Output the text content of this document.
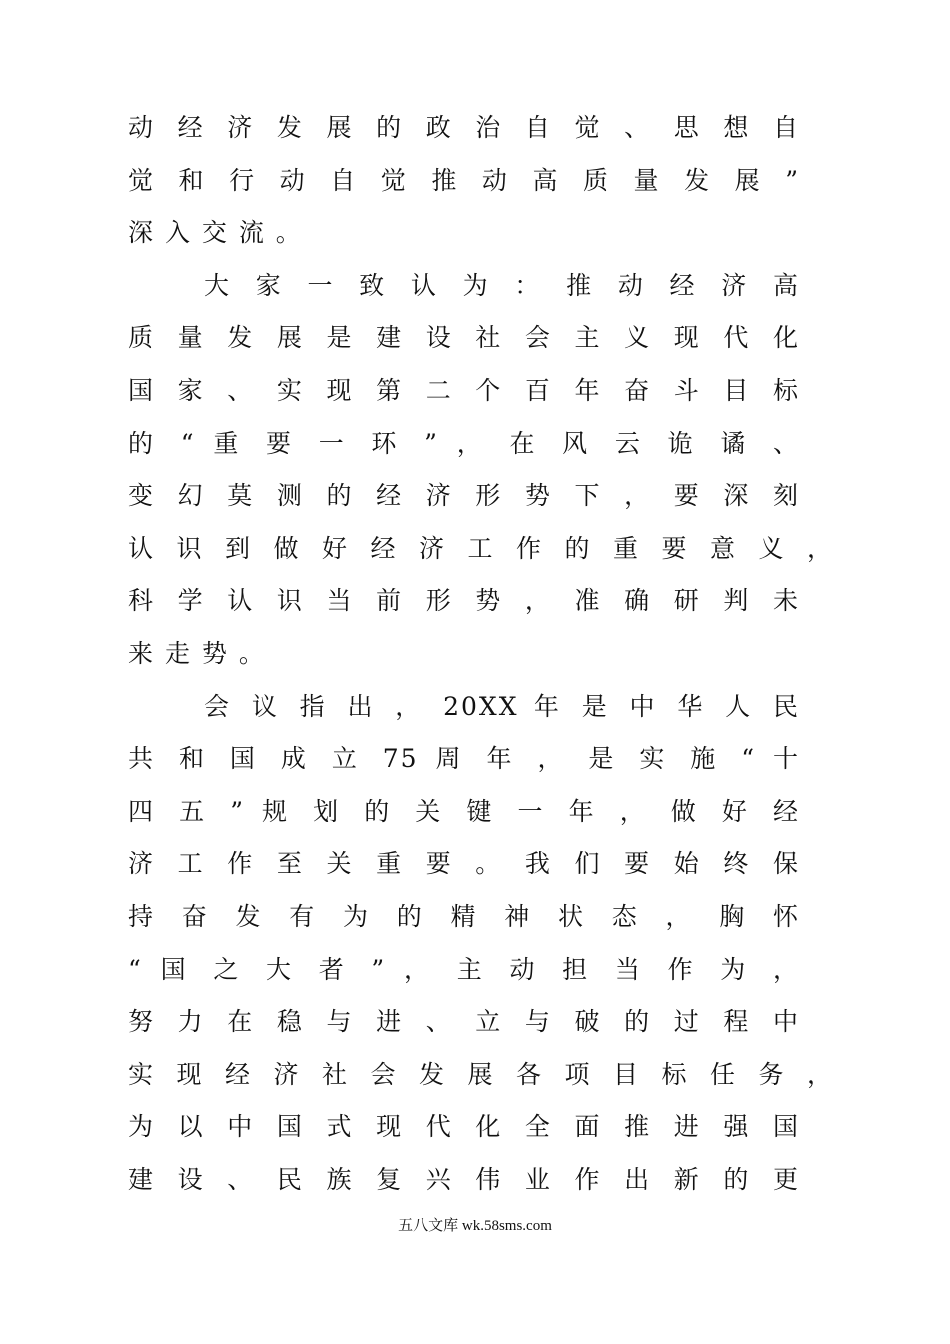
动 经 济 发 展 的 政 治 自 觉 、 思 想 自
觉 和 行 动 自 觉 推 动 高 质 量 发 展 ”
深 入 交 流 。
大 家 一 致 认 为 ： 推 动 经 济 高
质 量 发 展 是 建 设 社 会 主 义 现 代 化
国 家 、 实 现 第 二 个 百 年 奋 斗 目 标
的 “ 重 要 一 环 ” ， 在 风 云 诡 谲 、
变 幻 莫 测 的 经 济 形 势 下 ， 要 深 刻
认 识 到 做 好 经 济 工 作 的 重 要 意 义 ，
科 学 认 识 当 前 形 势 ， 准 确 研 判 未
来 走 势 。
会 议 指 出 ， 20XX 年 是 中 华 人 民
共 和 国 成 立 75 周 年 ， 是 实 施 “ 十
四 五 ” 规 划 的 关 键 一 年 ， 做 好 经
济 工 作 至 关 重 要 。 我 们 要 始 终 保
持 奋 发 有 为 的 精 神 状 态 ， 胸 怀
“ 国 之 大 者 ” ， 主 动 担 当 作 为 ，
努 力 在 稳 与 进 、 立 与 破 的 过 程 中
实 现 经 济 社 会 发 展 各 项 目 标 任 务 ，
为 以 中 国 式 现 代 化 全 面 推 进 强 国
建 设 、 民 族 复 兴 伟 业 作 出 新 的 更
五八文库 wk.58sms.com
